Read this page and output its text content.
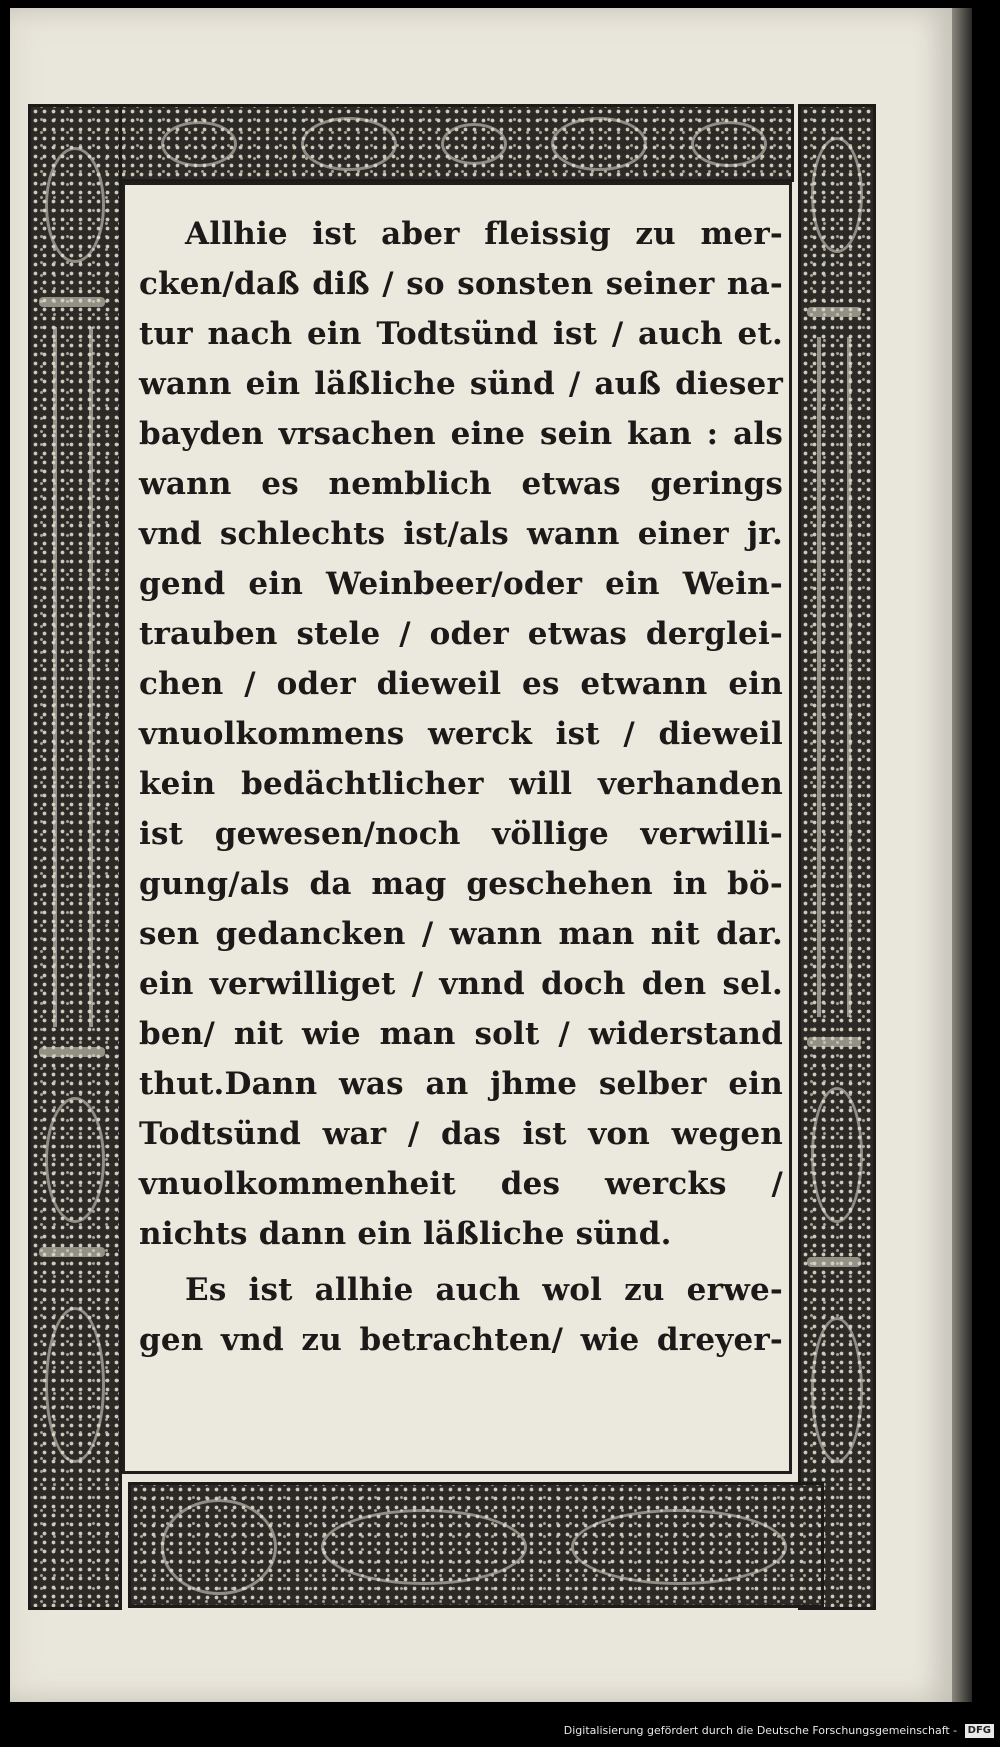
Allhie ist aber fleissig zu mer-
cken/daß diß / so sonsten seiner na-
tur nach ein Todtsünd ist / auch et.
wann ein läßliche sünd / auß dieser
bayden vrsachen eine sein kan : als
wann es nemblich etwas gerings
vnd schlechts ist/als wann einer jr.
gend ein Weinbeer/oder ein Wein-
trauben stele / oder etwas derglei-
chen / oder dieweil es etwann ein
vnuolkommens werck ist / dieweil
kein bedächtlicher will verhanden
ist gewesen/noch völlige verwilli-
gung/als da mag geschehen in bö-
sen gedancken / wann man nit dar.
ein verwilliget / vnnd doch den sel.
ben/ nit wie man solt / widerstand
thut.Dann was an jhme selber ein
Todtsünd war / das ist von wegen
vnuolkommenheit des wercks /
nichts dann ein läßliche sünd.
Es ist allhie auch wol zu erwe-
gen vnd zu betrachten/ wie dreyer-
Digitalisierung gefördert durch die Deutsche Forschungsgemeinschaft - DFG
